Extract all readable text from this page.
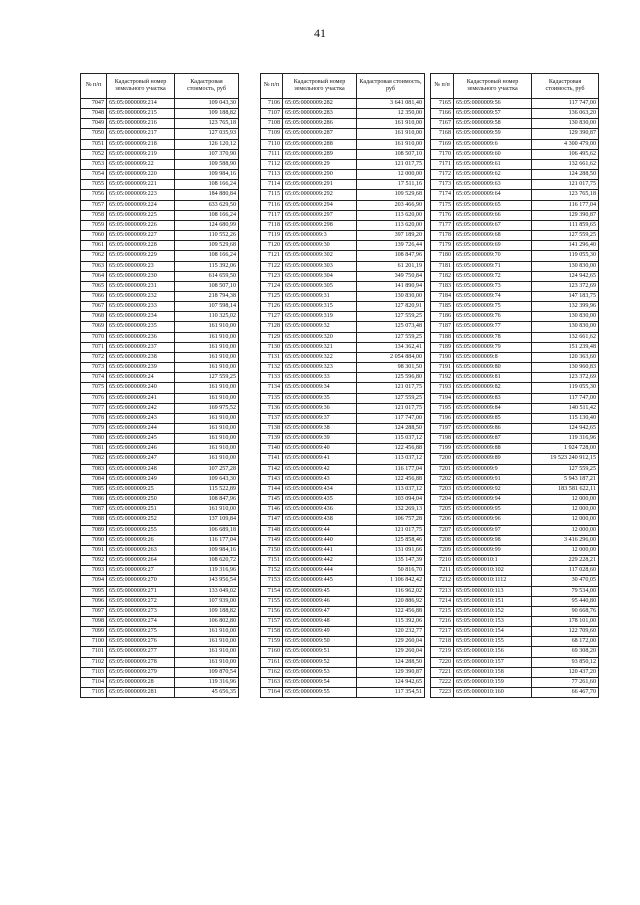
41
№ п/п	Кадастровый номер земельного участка	Кадастровая стоимость, руб
7047	65:05:0000009:214	109 043,30
7048	65:05:0000009:215	109 188,82
7049	65:05:0000009:216	123 765,18
7050	65:05:0000009:217	127 035,93
7051	65:05:0000009:218	126 120,12
7052	65:05:0000009:219	107 370,90
7053	65:05:0000009:22	109 588,90
7054	65:05:0000009:220	109 984,16
7055	65:05:0000009:221	108 166,24
7056	65:05:0000009:223	184 880,84
7057	65:05:0000009:224	633 629,50
7058	65:05:0000009:225	108 166,24
7059	65:05:0000009:226	124 680,99
7060	65:05:0000009:227	110 552,26
7061	65:05:0000009:228	109 529,68
7062	65:05:0000009:229	108 166,24
7063	65:05:0000009:23	115 392,06
7064	65:05:0000009:230	614 659,50
7065	65:05:0000009:231	108 507,10
7066	65:05:0000009:232	218 794,38
7067	65:05:0000009:233	107 598,14
7068	65:05:0000009:234	110 325,02
7069	65:05:0000009:235	161 910,00
7070	65:05:0000009:236	161 910,00
7071	65:05:0000009:237	161 910,00
7072	65:05:0000009:238	161 910,00
7073	65:05:0000009:239	161 910,00
7074	65:05:0000009:24	127 559,25
7075	65:05:0000009:240	161 910,00
7076	65:05:0000009:241	161 910,00
7077	65:05:0000009:242	169 975,52
7078	65:05:0000009:243	161 910,00
7079	65:05:0000009:244	161 910,00
7080	65:05:0000009:245	161 910,00
7081	65:05:0000009:246	161 910,00
7082	65:05:0000009:247	161 910,00
7083	65:05:0000009:248	107 257,28
7084	65:05:0000009:249	109 643,30
7085	65:05:0000009:25	115 522,89
7086	65:05:0000009:250	108 847,96
7087	65:05:0000009:251	161 910,00
7088	65:05:0000009:252	137 109,84
7089	65:05:0000009:255	106 689,18
7090	65:05:0000009:26	116 177,04
7091	65:05:0000009:263	109 984,16
7092	65:05:0000009:264	108 620,72
7093	65:05:0000009:27	119 316,96
7094	65:05:0000009:270	143 956,54
7095	65:05:0000009:271	133 049,02
7096	65:05:0000009:272	107 939,00
7097	65:05:0000009:273	109 188,82
7098	65:05:0000009:274	106 802,80
7099	65:05:0000009:275	161 910,00
7100	65:05:0000009:276	161 910,00
7101	65:05:0000009:277	161 910,00
7102	65:05:0000009:278	161 910,00
7103	65:05:0000009:279	109 870,54
7104	65:05:0000009:28	119 316,96
7105	65:05:0000009:281	45 656,35
№ п/п	Кадастровый номер земельного участка	Кадастровая стоимость, руб
7106	65:05:0000009:282	3 641 081,40
7107	65:05:0000009:283	12 350,00
7108	65:05:0000009:286	161 910,00
7109	65:05:0000009:287	161 910,00
7110	65:05:0000009:288	161 910,00
7111	65:05:0000009:289	108 507,10
7112	65:05:0000009:29	121 017,75
7113	65:05:0000009:290	12 000,00
7114	65:05:0000009:291	17 511,16
7115	65:05:0000009:292	109 529,68
7116	65:05:0000009:294	203 466,90
7117	65:05:0000009:297	113 620,00
7118	65:05:0000009:298	113 620,00
7119	65:05:0000009:3	397 189,20
7120	65:05:0000009:30	139 726,44
7121	65:05:0000009:302	108 847,96
7122	65:05:0000009:303	61 201,19
7123	65:05:0000009:304	349 750,84
7124	65:05:0000009:305	141 890,94
7125	65:05:0000009:31	130 830,00
7126	65:05:0000009:315	127 820,91
7127	65:05:0000009:319	127 559,25
7128	65:05:0000009:32	125 073,48
7129	65:05:0000009:320	127 559,25
7130	65:05:0000009:321	134 362,41
7131	65:05:0000009:322	2 054 884,00
7132	65:05:0000009:323	98 301,50
7133	65:05:0000009:33	125 596,80
7134	65:05:0000009:34	121 017,75
7135	65:05:0000009:35	127 559,25
7136	65:05:0000009:36	121 017,75
7137	65:05:0000009:37	117 747,00
7138	65:05:0000009:38	124 288,50
7139	65:05:0000009:39	115 037,12
7140	65:05:0000009:40	122 456,88
7141	65:05:0000009:41	113 037,12
7142	65:05:0000009:42	116 177,04
7143	65:05:0000009:43	122 456,88
7144	65:05:0000009:434	113 037,12
7145	65:05:0000009:435	103 094,04
7146	65:05:0000009:436	132 269,13
7147	65:05:0000009:438	106 757,28
7148	65:05:0000009:44	121 017,75
7149	65:05:0000009:440	125 858,46
7150	65:05:0000009:441	131 091,66
7151	65:05:0000009:442	135 147,39
7152	65:05:0000009:444	50 816,70
7153	65:05:0000009:445	1 106 842,42
7154	65:05:0000009:45	116 962,02
7155	65:05:0000009:46	120 886,92
7156	65:05:0000009:47	122 456,88
7157	65:05:0000009:48	115 392,06
7158	65:05:0000009:49	120 232,77
7159	65:05:0000009:50	129 260,04
7160	65:05:0000009:51	129 260,04
7161	65:05:0000009:52	124 288,50
7162	65:05:0000009:53	129 390,87
7163	65:05:0000009:54	124 942,65
7164	65:05:0000009:55	117 354,51
№ п/п	Кадастровый номер земельного участка	Кадастровая стоимость, руб
7165	65:05:0000009:56	117 747,00
7166	65:05:0000009:57	136 063,20
7167	65:05:0000009:58	130 830,00
7168	65:05:0000009:59	129 390,87
7169	65:05:0000009:6	4 300 479,00
7170	65:05:0000009:60	106 495,62
7171	65:05:0000009:61	132 661,62
7172	65:05:0000009:62	124 288,50
7173	65:05:0000009:63	121 017,75
7174	65:05:0000009:64	123 765,18
7175	65:05:0000009:65	116 177,04
7176	65:05:0000009:66	129 390,87
7177	65:05:0000009:67	111 859,65
7178	65:05:0000009:68	127 559,25
7179	65:05:0000009:69	141 296,40
7180	65:05:0000009:70	119 055,30
7181	65:05:0000009:71	130 830,00
7182	65:05:0000009:72	124 942,65
7183	65:05:0000009:73	123 372,69
7184	65:05:0000009:74	147 183,75
7185	65:05:0000009:75	132 399,96
7186	65:05:0000009:76	130 830,00
7187	65:05:0000009:77	130 830,00
7188	65:05:0000009:78	132 661,62
7189	65:05:0000009:79	151 239,48
7190	65:05:0000009:8	120 363,60
7191	65:05:0000009:80	130 960,83
7192	65:05:0000009:81	123 372,69
7193	65:05:0000009:82	119 055,30
7194	65:05:0000009:83	117 747,00
7195	65:05:0000009:84	140 511,42
7196	65:05:0000009:85	115 130,40
7197	65:05:0000009:86	124 942,65
7198	65:05:0000009:87	119 316,96
7199	65:05:0000009:88	1 924 728,00
7200	65:05:0000009:89	19 523 240 912,15
7201	65:05:0000009:9	127 559,25
7202	65:05:0000009:91	5 943 187,21
7203	65:05:0000009:92	183 581 622,11
7204	65:05:0000009:94	12 000,00
7205	65:05:0000009:95	12 000,00
7206	65:05:0000009:96	12 000,00
7207	65:05:0000009:97	12 000,00
7208	65:05:0000009:98	3 416 296,00
7209	65:05:0000009:99	12 000,00
7210	65:05:0000010:1	229 228,21
7211	65:05:0000010:102	117 028,60
7212	65:05:0000010:1112	30 470,05
7213	65:05:0000010:113	79 534,00
7214	65:05:0000010:151	95 440,80
7215	65:05:0000010:152	90 668,76
7216	65:05:0000010:153	178 101,00
7217	65:05:0000010:154	122 709,60
7218	65:05:0000010:155	68 172,00
7219	65:05:0000010:156	69 308,20
7220	65:05:0000010:157	93 850,12
7221	65:05:0000010:158	120 437,20
7222	65:05:0000010:159	77 261,60
7223	65:05:0000010:160	66 467,70
